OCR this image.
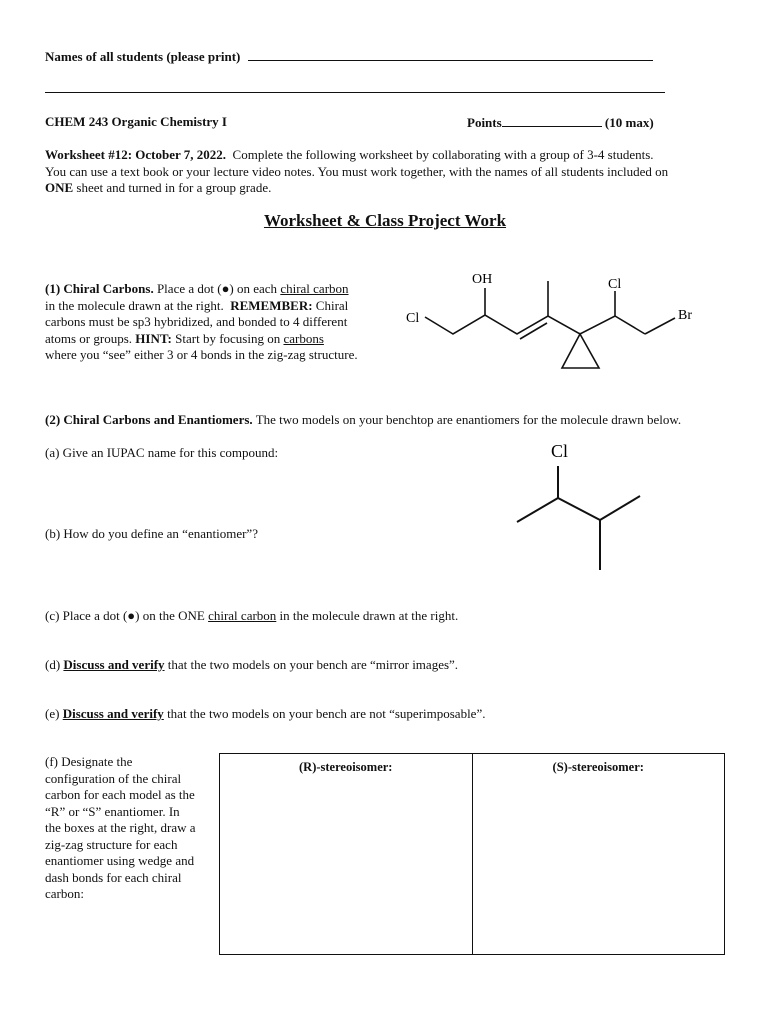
Names of all students (please print)
CHEM 243 Organic Chemistry I	Points	(10 max)
Worksheet #12: October 7, 2022. Complete the following worksheet by collaborating with a group of 3-4 students.
You can use a text book or your lecture video notes. You must work together, with the names of all students included on
ONE sheet and turned in for a group grade.
Worksheet & Class Project Work
(1) Chiral Carbons. Place a dot (●) on each chiral carbon
in the molecule drawn at the right. REMEMBER: Chiral
carbons must be sp3 hybridized, and bonded to 4 different
atoms or groups. HINT: Start by focusing on carbons
where you “see” either 3 or 4 bonds in the zig-zag structure.
OH
Cl
Cl
Br
(2) Chiral Carbons and Enantiomers. The two models on your benchtop are enantiomers for the molecule drawn below.
(a) Give an IUPAC name for this compound:
(b) How do you define an “enantiomer”?
Cl
(c) Place a dot (●) on the ONE chiral carbon in the molecule drawn at the right.
(d) Discuss and verify that the two models on your bench are “mirror images”.
(e) Discuss and verify that the two models on your bench are not “superimposable”.
(f) Designate the
configuration of the chiral
carbon for each model as the
“R” or “S” enantiomer. In
the boxes at the right, draw a
zig-zag structure for each
enantiomer using wedge and
dash bonds for each chiral
carbon:
(R)-stereoisomer:	(S)-stereoisomer:
